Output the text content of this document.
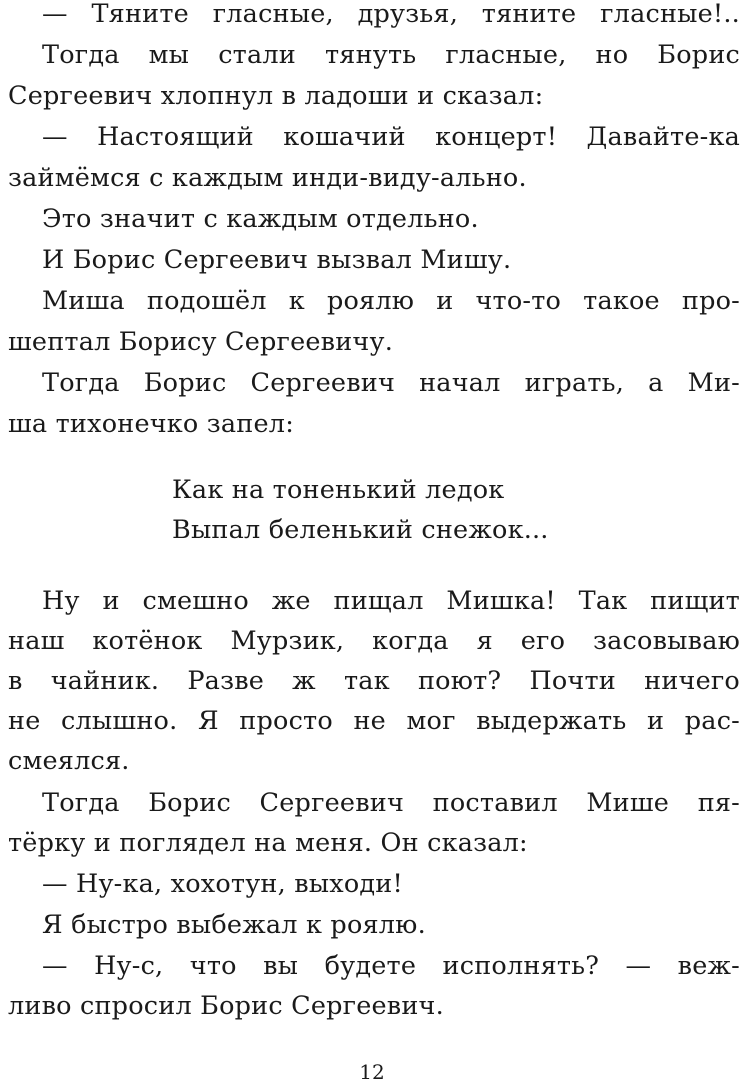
— Тяните гласные, друзья, тяните гласные!..
Тогда мы стали тянуть гласные, но Борис
Сергеевич хлопнул в ладоши и сказал:
— Настоящий кошачий концерт! Давайте-ка
займёмся с каждым инди-виду-ально.
Это значит с каждым отдельно.
И Борис Сергеевич вызвал Мишу.
Миша подошёл к роялю и что-то такое про-
шептал Борису Сергеевичу.
Тогда Борис Сергеевич начал играть, а Ми-
ша тихонечко запел:
Как на тоненький ледок
Выпал беленький снежок...
Ну и смешно же пищал Мишка! Так пищит
наш котёнок Мурзик, когда я его засовываю
в чайник. Разве ж так поют? Почти ничего
не слышно. Я просто не мог выдержать и рас-
смеялся.
Тогда Борис Сергеевич поставил Мише пя-
тёрку и поглядел на меня. Он сказал:
— Ну-ка, хохотун, выходи!
Я быстро выбежал к роялю.
— Ну-с, что вы будете исполнять? — веж-
ливо спросил Борис Сергеевич.
12
